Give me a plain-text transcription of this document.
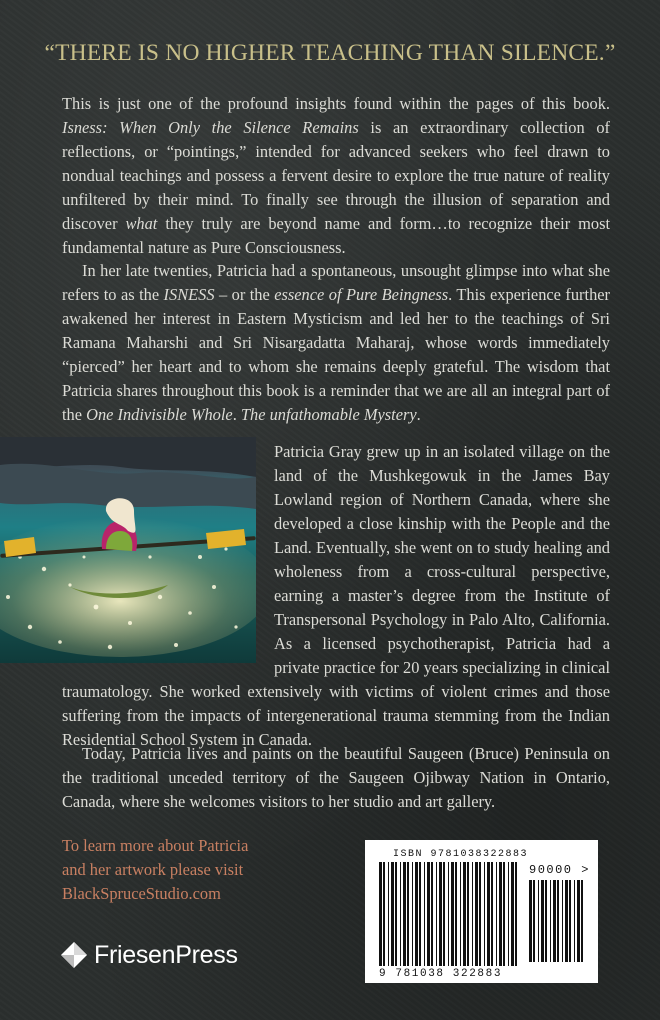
“THERE IS NO HIGHER TEACHING THAN SILENCE.”

This is just one of the profound insights found within the pages of this book. Isness: When Only the Silence Remains is an extraordinary collection of reflections, or “pointings,” intended for advanced seekers who feel drawn to nondual teachings and possess a fervent desire to explore the true nature of reality unfiltered by their mind. To finally see through the illusion of separation and discover what they truly are beyond name and form…to recognize their most fundamental nature as Pure Consciousness.

In her late twenties, Patricia had a spontaneous, unsought glimpse into what she refers to as the ISNESS – or the essence of Pure Beingness. This experience further awakened her interest in Eastern Mysticism and led her to the teachings of Sri Ramana Maharshi and Sri Nisargadatta Maharaj, whose words immediately “pierced” her heart and to whom she remains deeply grateful. The wisdom that Patricia shares throughout this book is a reminder that we are all an integral part of the One Indivisible Whole. The unfathomable Mystery.

Patricia Gray grew up in an isolated village on the land of the Mushkegowuk in the James Bay Lowland region of Northern Canada, where she developed a close kinship with the People and the Land. Eventually, she went on to study healing and wholeness from a cross-cultural perspective, earning a master’s degree from the Institute of Transpersonal Psychology in Palo Alto, California. As a licensed psychotherapist, Patricia had a private practice for 20 years specializing in clinical traumatology. She worked extensively with victims of violent crimes and those suffering from the impacts of intergenerational trauma stemming from the Indian Residential School System in Canada.

Today, Patricia lives and paints on the beautiful Saugeen (Bruce) Peninsula on the traditional unceded territory of the Saugeen Ojibway Nation in Ontario, Canada, where she welcomes visitors to her studio and art gallery.

To learn more about Patricia
and her artwork please visit
BlackSpruceStudio.com
FriesenPress
ISBN 9781038322883
90000 >
9 781038 322883
